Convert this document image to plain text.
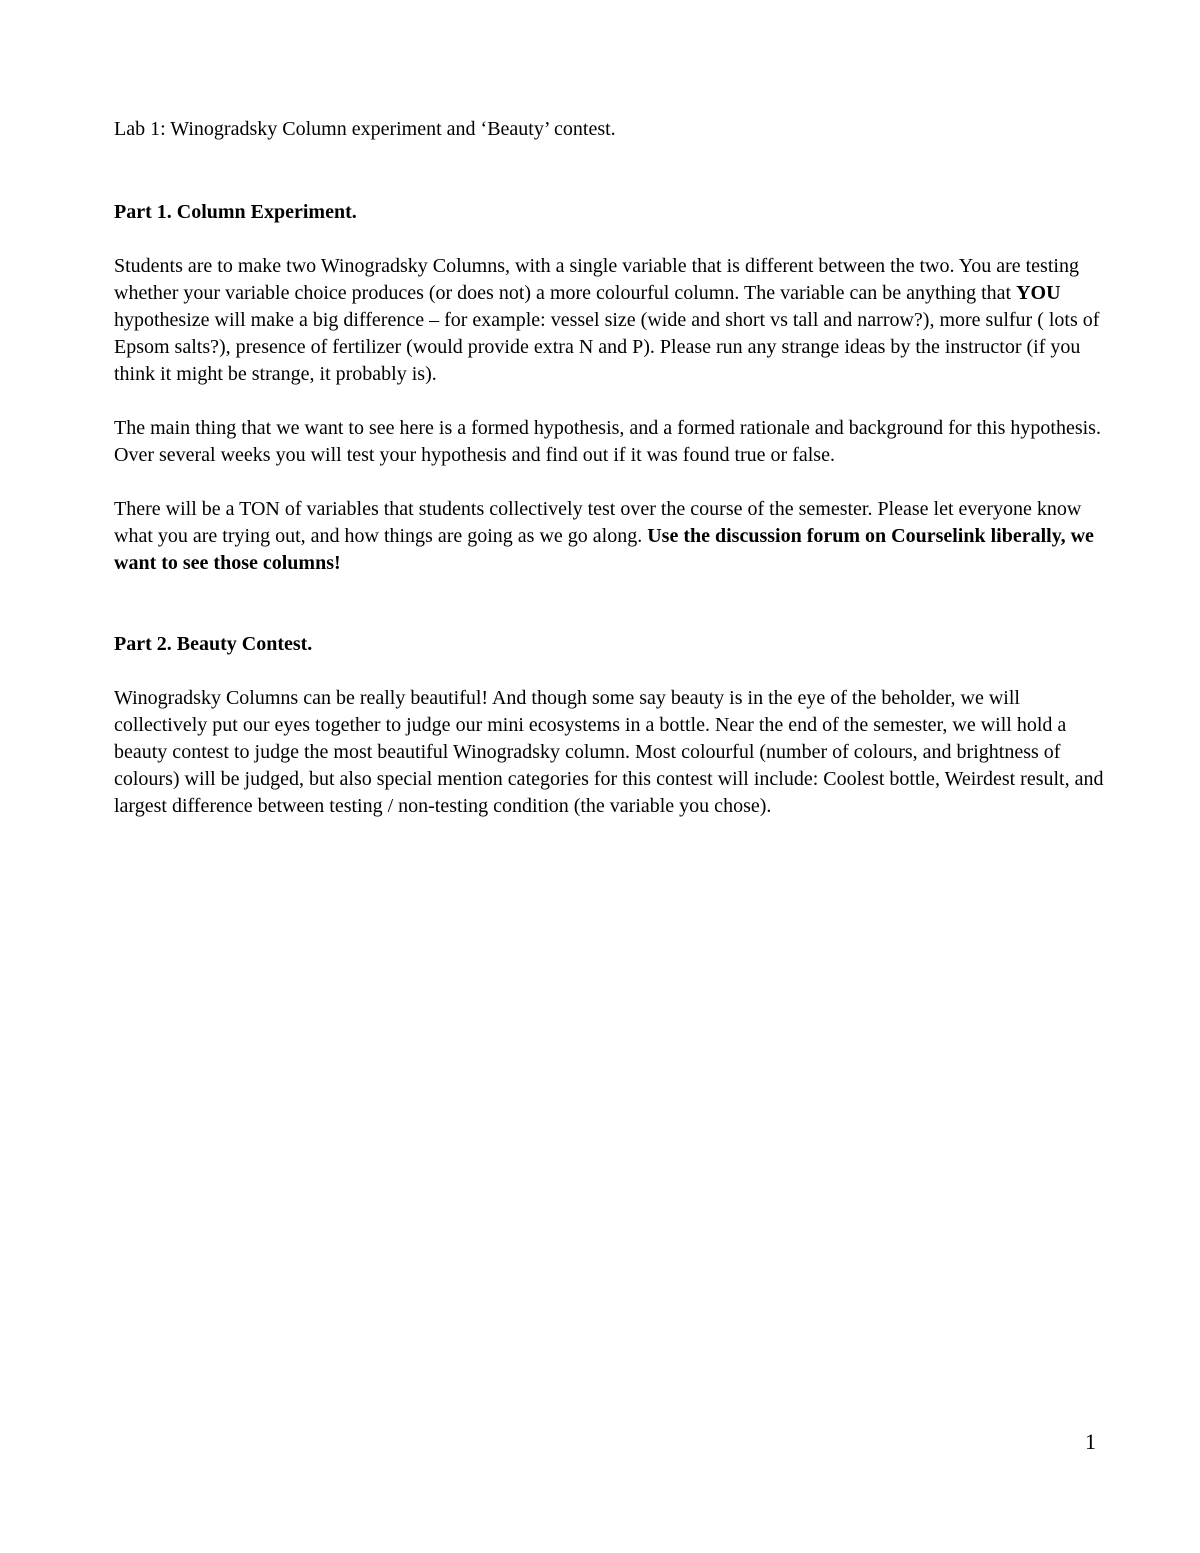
Lab 1: Winogradsky Column experiment and ‘Beauty’ contest.

Part 1. Column Experiment.

Students are to make two Winogradsky Columns, with a single variable that is different between the two. You are testing whether your variable choice produces (or does not) a more colourful column. The variable can be anything that YOU hypothesize will make a big difference – for example: vessel size (wide and short vs tall and narrow?), more sulfur ( lots of Epsom salts?), presence of fertilizer (would provide extra N and P). Please run any strange ideas by the instructor (if you think it might be strange, it probably is).

The main thing that we want to see here is a formed hypothesis, and a formed rationale and background for this hypothesis. Over several weeks you will test your hypothesis and find out if it was found true or false.

There will be a TON of variables that students collectively test over the course of the semester. Please let everyone know what you are trying out, and how things are going as we go along. Use the discussion forum on Courselink liberally, we want to see those columns!

Part 2. Beauty Contest.

Winogradsky Columns can be really beautiful! And though some say beauty is in the eye of the beholder, we will collectively put our eyes together to judge our mini ecosystems in a bottle. Near the end of the semester, we will hold a beauty contest to judge the most beautiful Winogradsky column. Most colourful (number of colours, and brightness of colours) will be judged, but also special mention categories for this contest will include: Coolest bottle, Weirdest result, and largest difference between testing / non-testing condition (the variable you chose).

1
